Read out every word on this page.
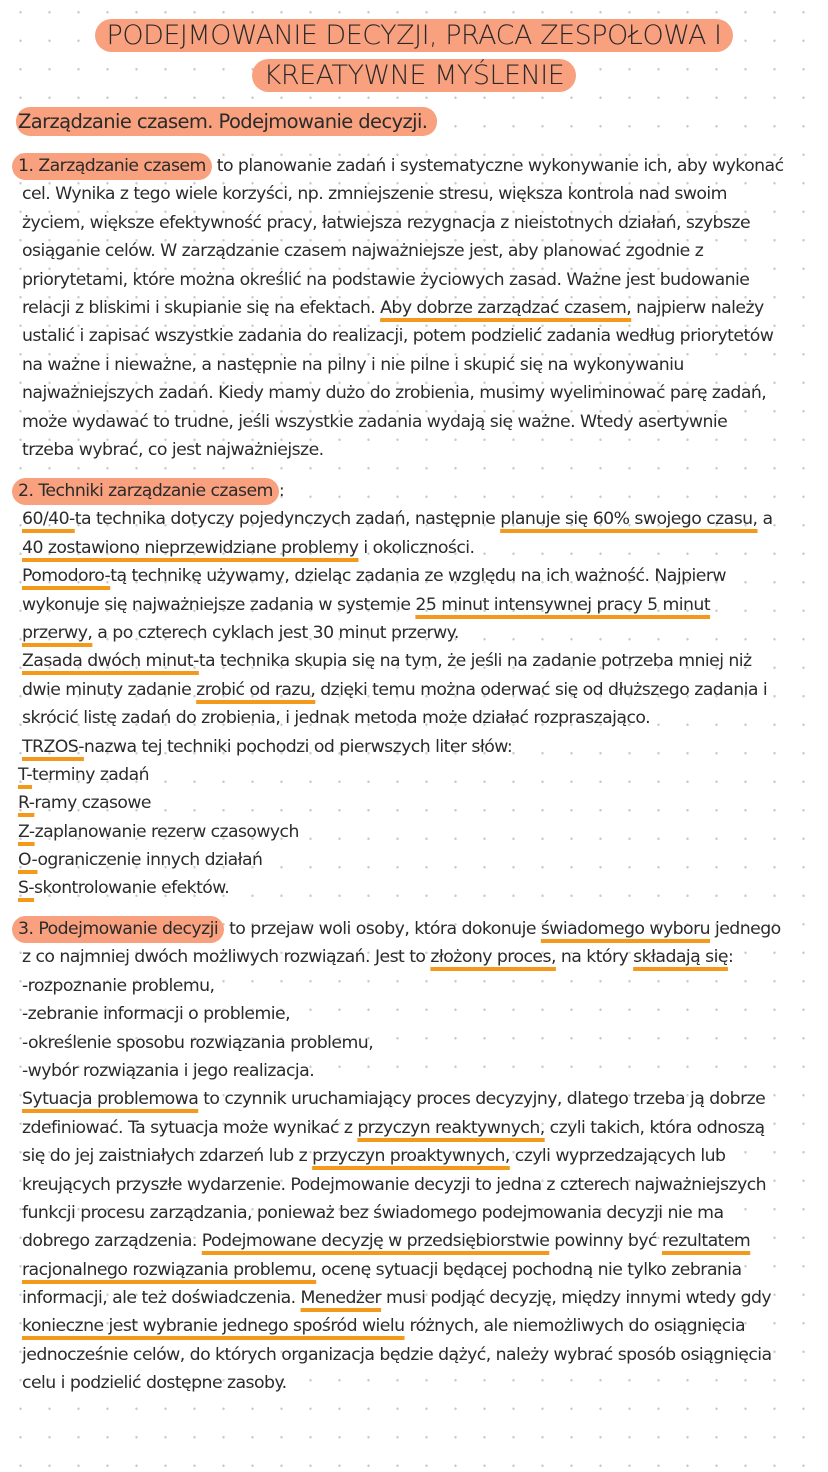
PODEJMOWANIE DECYZJI, PRACA ZESPOŁOWA I
KREATYWNE MYŚLENIE
Zarządzanie czasem. Podejmowanie decyzji.
1. Zarządzanie czasem to planowanie zadań i systematyczne wykonywanie ich, aby wykonać
cel. Wynika z tego wiele korzyści, np. zmniejszenie stresu, większa kontrola nad swoim
życiem, większe efektywność pracy, łatwiejsza rezygnacja z nieistotnych działań, szybsze
osiąganie celów. W zarządzanie czasem najważniejsze jest, aby planować zgodnie z
priorytetami, które można określić na podstawie życiowych zasad. Ważne jest budowanie
relacji z bliskimi i skupianie się na efektach. Aby dobrze zarządzać czasem, najpierw należy
ustalić i zapisać wszystkie zadania do realizacji, potem podzielić zadania według priorytetów
na ważne i nieważne, a następnie na pilny i nie pilne i skupić się na wykonywaniu
najważniejszych zadań. Kiedy mamy dużo do zrobienia, musimy wyeliminować parę zadań,
może wydawać to trudne, jeśli wszystkie zadania wydają się ważne. Wtedy asertywnie
trzeba wybrać, co jest najważniejsze.
2. Techniki zarządzanie czasem :
60/40-ta technika dotyczy pojedynczych zadań, następnie planuje się 60% swojego czasu, a
40 zostawiono nieprzewidziane problemy i okoliczności.
Pomodoro-tą technikę używamy, dzieląc zadania ze względu na ich ważność. Najpierw
wykonuje się najważniejsze zadania w systemie 25 minut intensywnej pracy 5 minut
przerwy, a po czterech cyklach jest 30 minut przerwy.
Zasada dwóch minut-ta technika skupia się na tym, że jeśli na zadanie potrzeba mniej niż
dwie minuty zadanie zrobić od razu, dzięki temu można oderwać się od dłuższego zadania i
skrócić listę zadań do zrobienia, i jednak metoda może działać rozpraszająco.
TRZOS-nazwa tej techniki pochodzi od pierwszych liter słów:
T-terminy zadań
R-ramy czasowe
Z-zaplanowanie rezerw czasowych
O-ograniczenie innych działań
S-skontrolowanie efektów.
3. Podejmowanie decyzji to przejaw woli osoby, która dokonuje świadomego wyboru jednego
z co najmniej dwóch możliwych rozwiązań. Jest to złożony proces, na który składają się:
-rozpoznanie problemu,
-zebranie informacji o problemie,
-określenie sposobu rozwiązania problemu,
-wybór rozwiązania i jego realizacja.
Sytuacja problemowa to czynnik uruchamiający proces decyzyjny, dlatego trzeba ją dobrze
zdefiniować. Ta sytuacja może wynikać z przyczyn reaktywnych, czyli takich, która odnoszą
się do jej zaistniałych zdarzeń lub z przyczyn proaktywnych, czyli wyprzedzających lub
kreujących przyszłe wydarzenie. Podejmowanie decyzji to jedna z czterech najważniejszych
funkcji procesu zarządzania, ponieważ bez świadomego podejmowania decyzji nie ma
dobrego zarządzenia. Podejmowane decyzję w przedsiębiorstwie powinny być rezultatem
racjonalnego rozwiązania problemu, ocenę sytuacji będącej pochodną nie tylko zebrania
informacji, ale też doświadczenia. Menedżer musi podjąć decyzję, między innymi wtedy gdy
konieczne jest wybranie jednego spośród wielu różnych, ale niemożliwych do osiągnięcia
jednocześnie celów, do których organizacja będzie dążyć, należy wybrać sposób osiągnięcia
celu i podzielić dostępne zasoby.
